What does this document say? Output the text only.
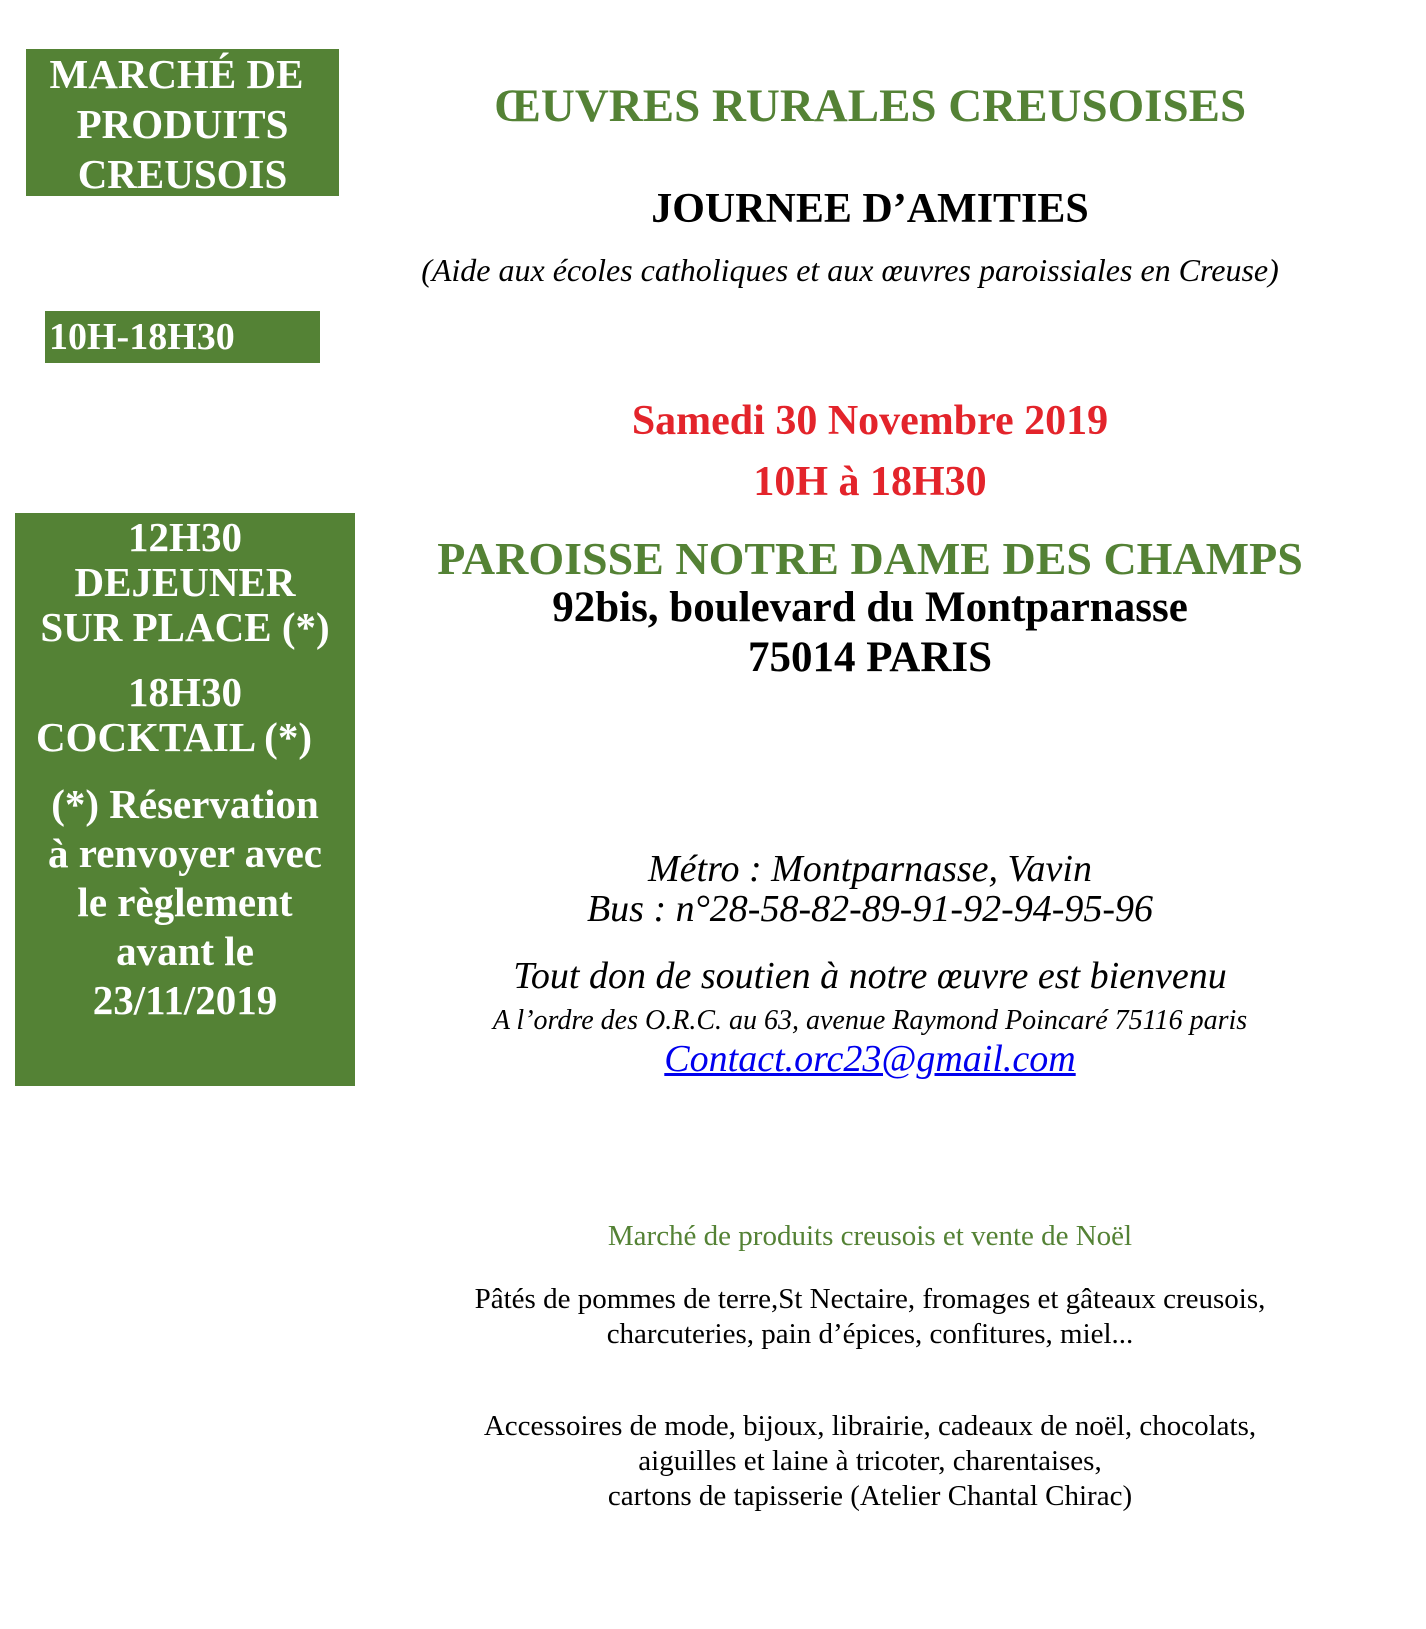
MARCHÉ DE
PRODUITS
CREUSOIS
10H-18H30
12H30
DEJEUNER
SUR PLACE (*)
18H30
COCKTAIL (*)
(*) Réservation
à renvoyer avec
le règlement
avant le
23/11/2019
ŒUVRES RURALES CREUSOISES
JOURNEE D’AMITIES
(Aide aux écoles catholiques et aux œuvres paroissiales en Creuse)
Samedi 30 Novembre 2019
10H à 18H30
PAROISSE NOTRE DAME DES CHAMPS
92bis, boulevard du Montparnasse
75014 PARIS
Métro : Montparnasse, Vavin
Bus : n°28-58-82-89-91-92-94-95-96
Tout don de soutien à notre œuvre est bienvenu
A l’ordre des O.R.C. au 63, avenue Raymond Poincaré 75116 paris
Contact.orc23@gmail.com
Marché de produits creusois et vente de Noël
Pâtés de pommes de terre,St Nectaire, fromages et gâteaux creusois,
charcuteries, pain d’épices, confitures, miel...
Accessoires de mode, bijoux, librairie, cadeaux de noël, chocolats,
aiguilles et laine à tricoter, charentaises,
cartons de tapisserie (Atelier Chantal Chirac)
